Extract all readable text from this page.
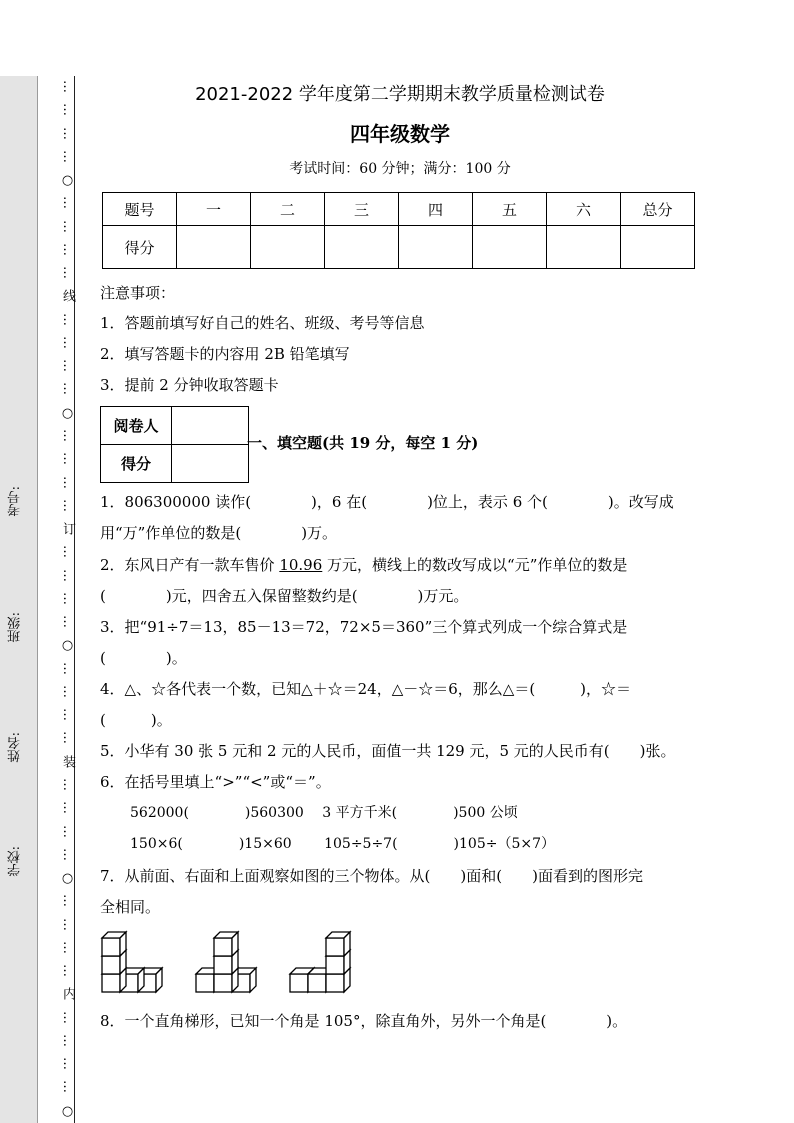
考号:
班级:
姓名:
学校:
…
…
…
…
○
…
…
…
…
线
…
…
…
…
○
…
…
…
…
订
…
…
…
…
○
…
…
…
…
装
…
…
…
…
○
…
…
…
…
内
…
…
…
…
○
2021-2022 学年度第二学期期末教学质量检测试卷
四年级数学
考试时间：60 分钟；满分：100 分
题号	一	二	三	四	五	六	总分
得分							
注意事项：
1．答题前填写好自己的姓名、班级、考号等信息
2．填写答题卡的内容用 2B 铅笔填写
3．提前 2 分钟收取答题卡
阅卷人	
得分	
一、填空题(共 19 分，每空 1 分)
1．806300000 读作(　　　　)，6 在(　　　　)位上，表示 6 个(　　　　)。改写成
用“万”作单位的数是(　　　　)万。
2．东风日产有一款车售价 10.96 万元，横线上的数改写成以“元”作单位的数是
(　　　　)元，四舍五入保留整数约是(　　　　)万元。
3．把“91÷7＝13，85－13＝72，72×5＝360”三个算式列成一个综合算式是
(　　　　)。
4．△、☆各代表一个数，已知△＋☆＝24，△－☆＝6，那么△＝(　　　)，☆＝
(　　　)。
5．小华有 30 张 5 元和 2 元的人民币，面值一共 129 元，5 元的人民币有(　　)张。
6．在括号里填上“>”“<”或“＝”。
562000(　　　　)560300　 3 平方千米(　　　　)500 公顷
150×6(　　　　)15×60　　 105÷5÷7(　　　　)105÷（5×7）
7．从前面、右面和上面观察如图的三个物体。从(　　)面和(　　)面看到的图形完
全相同。
8．一个直角梯形，已知一个角是 105°，除直角外，另外一个角是(　　　　)。
